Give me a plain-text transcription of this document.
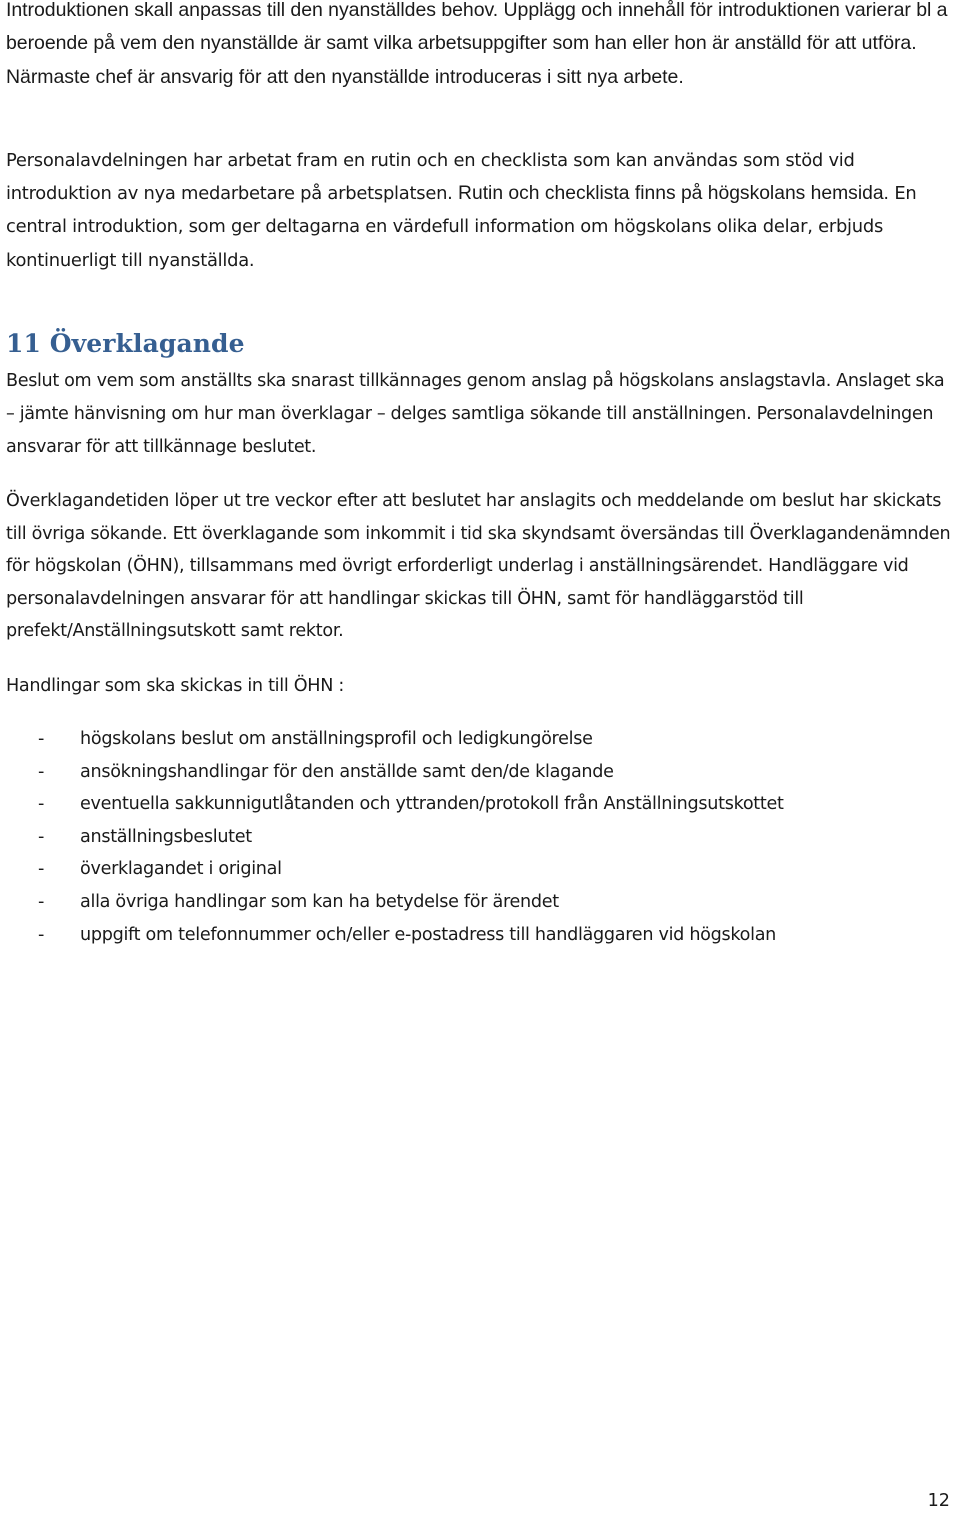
Introduktionen skall anpassas till den nyanställdes behov. Upplägg och innehåll för introduktionen varierar bl a beroende på vem den nyanställde är samt vilka arbetsuppgifter som han eller hon är anställd för att utföra. Närmaste chef är ansvarig för att den nyanställde introduceras i sitt nya arbete.

Personalavdelningen har arbetat fram en rutin och en checklista som kan användas som stöd vid introduktion av nya medarbetare på arbetsplatsen. Rutin och checklista finns på högskolans hemsida. En central introduktion, som ger deltagarna en värdefull information om högskolans olika delar, erbjuds kontinuerligt till nyanställda.

11 Överklagande

Beslut om vem som anställts ska snarast tillkännages genom anslag på högskolans anslagstavla. Anslaget ska – jämte hänvisning om hur man överklagar – delges samtliga sökande till anställningen. Personalavdelningen ansvarar för att tillkännage beslutet.

Överklagandetiden löper ut tre veckor efter att beslutet har anslagits och meddelande om beslut har skickats till övriga sökande. Ett överklagande som inkommit i tid ska skyndsamt översändas till Överklagandenämnden för högskolan (ÖHN), tillsammans med övrigt erforderligt underlag i anställningsärendet. Handläggare vid personalavdelningen ansvarar för att handlingar skickas till ÖHN, samt för handläggarstöd till prefekt/Anställningsutskott samt rektor.

Handlingar som ska skickas in till ÖHN :

- högskolans beslut om anställningsprofil och ledigkungörelse
- ansökningshandlingar för den anställde samt den/de klagande
- eventuella sakkunnigutlåtanden och yttranden/protokoll från Anställningsutskottet
- anställningsbeslutet
- överklagandet i original
- alla övriga handlingar som kan ha betydelse för ärendet
- uppgift om telefonnummer och/eller e-postadress till handläggaren vid högskolan
12
